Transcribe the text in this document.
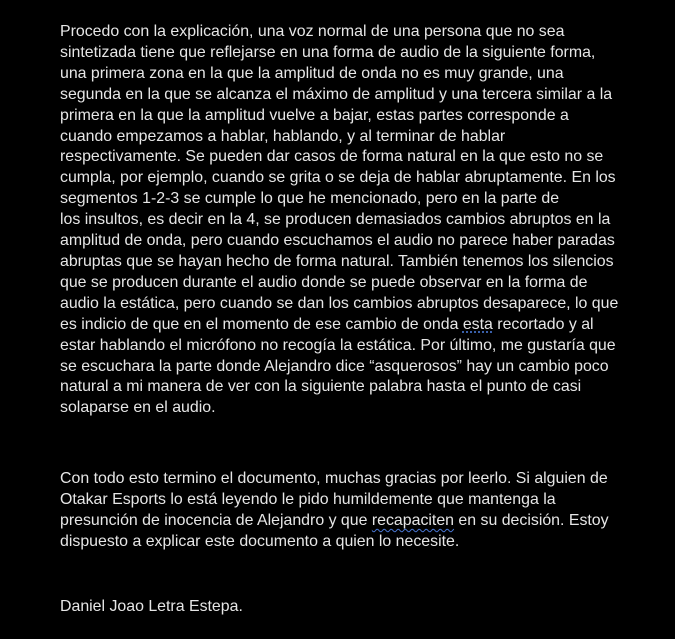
Procedo con la explicación, una voz normal de una persona que no sea
sintetizada tiene que reflejarse en una forma de audio de la siguiente forma,
una primera zona en la que la amplitud de onda no es muy grande, una
segunda en la que se alcanza el máximo de amplitud y una tercera similar a la
primera en la que la amplitud vuelve a bajar, estas partes corresponde a
cuando empezamos a hablar, hablando, y al terminar de hablar
respectivamente. Se pueden dar casos de forma natural en la que esto no se
cumpla, por ejemplo, cuando se grita o se deja de hablar abruptamente. En los
segmentos 1-2-3 se cumple lo que he mencionado, pero en la parte de
los insultos, es decir en la 4, se producen demasiados cambios abruptos en la
amplitud de onda, pero cuando escuchamos el audio no parece haber paradas
abruptas que se hayan hecho de forma natural. También tenemos los silencios
que se producen durante el audio donde se puede observar en la forma de
audio la estática, pero cuando se dan los cambios abruptos desaparece, lo que
es indicio de que en el momento de ese cambio de onda esta recortado y al
estar hablando el micrófono no recogía la estática. Por último, me gustaría que
se escuchara la parte donde Alejandro dice “asquerosos” hay un cambio poco
natural a mi manera de ver con la siguiente palabra hasta el punto de casi
solaparse en el audio.

Con todo esto termino el documento, muchas gracias por leerlo. Si alguien de
Otakar Esports lo está leyendo le pido humildemente que mantenga la
presunción de inocencia de Alejandro y que recapaciten en su decisión. Estoy
dispuesto a explicar este documento a quien lo necesite.

Daniel Joao Letra Estepa.
